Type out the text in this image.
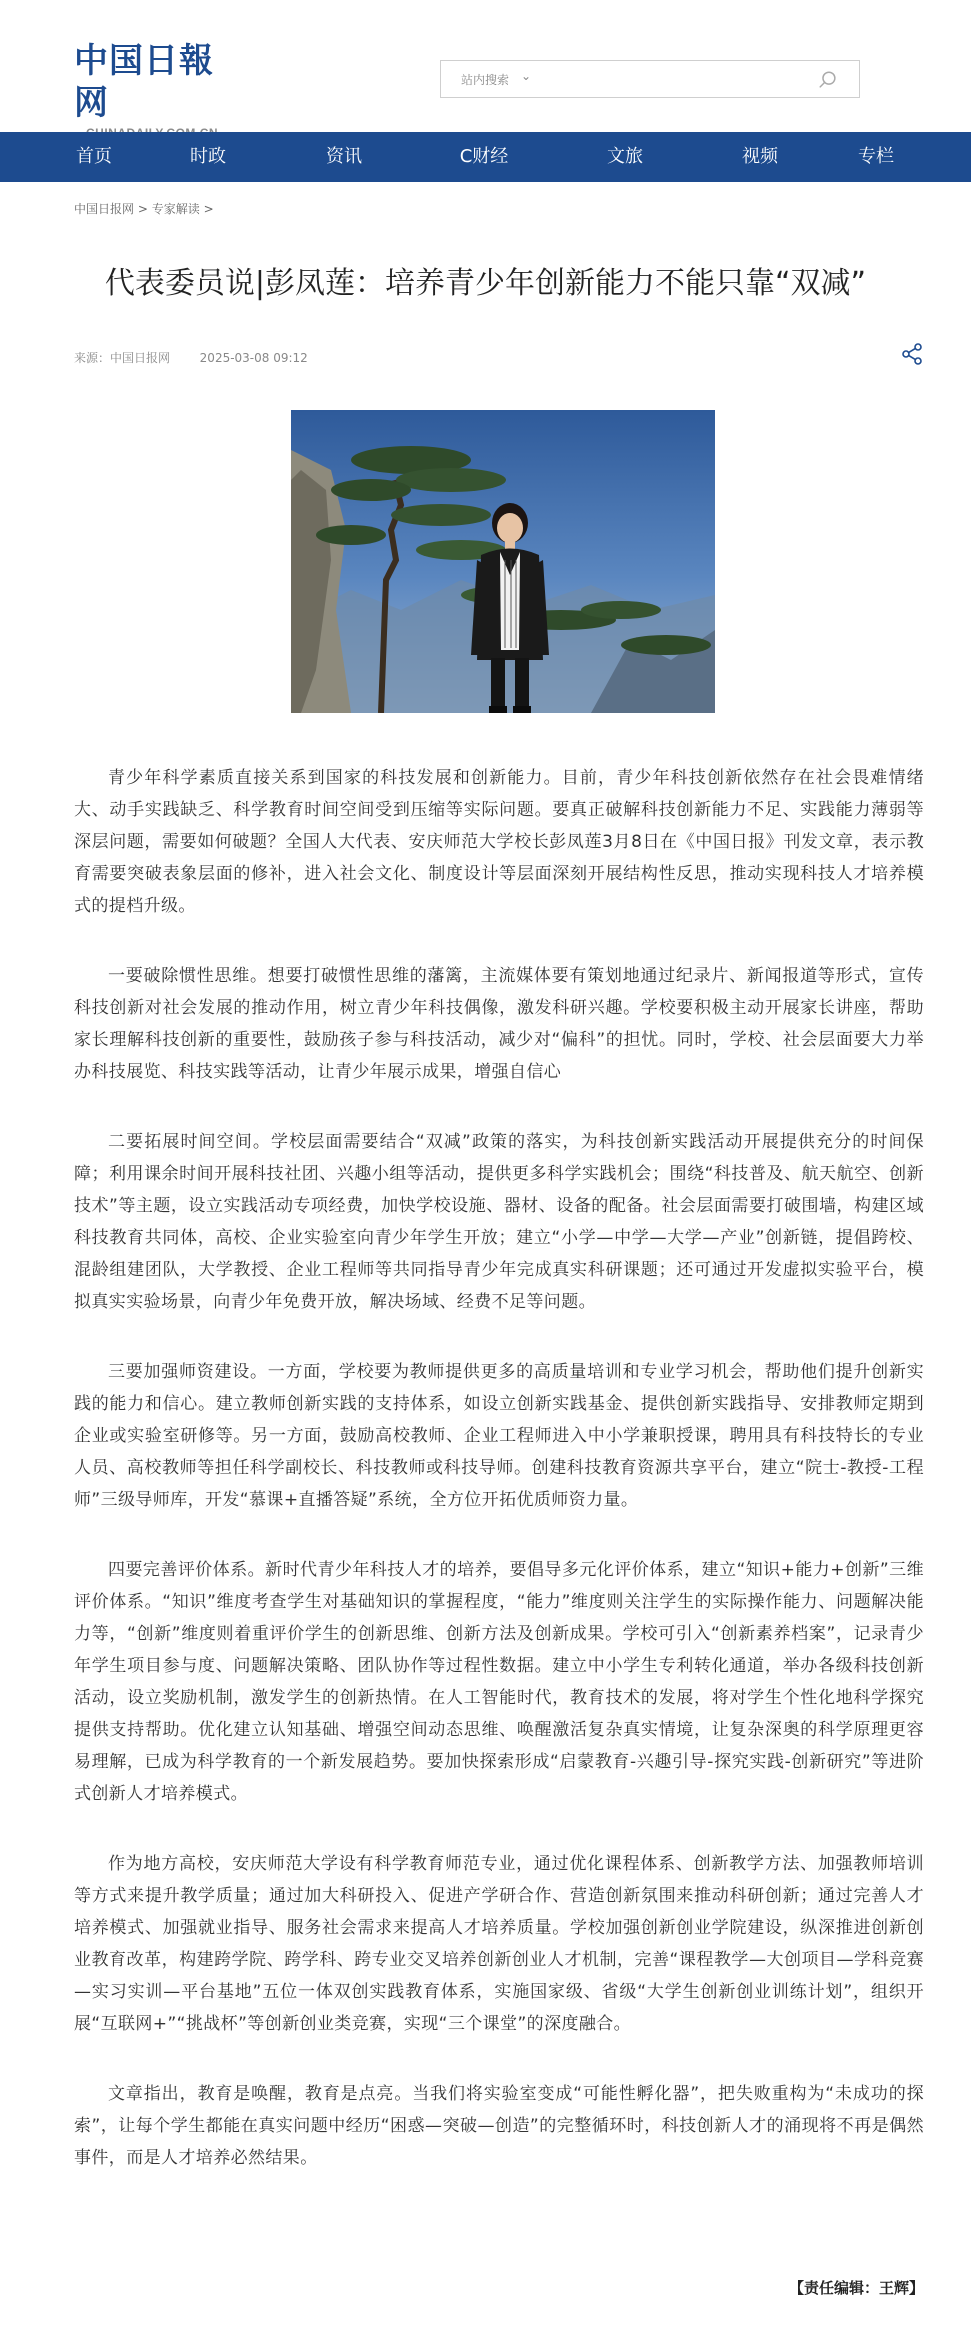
中国日報网
站内搜索 ⌄
首页	时政	资讯	C财经	文旅	视频	专栏
中国日报网 > 专家解读 >
代表委员说|彭凤莲：培养青少年创新能力不能只靠“双减”
来源：中国日报网 2025-03-08 09:12

青少年科学素质直接关系到国家的科技发展和创新能力。目前，青少年科技创新依然存在社会畏难情绪大、动手实践缺乏、科学教育时间空间受到压缩等实际问题。要真正破解科技创新能力不足、实践能力薄弱等深层问题，需要如何破题？全国人大代表、安庆师范大学校长彭凤莲3月8日在《中国日报》刊发文章，表示教育需要突破表象层面的修补，进入社会文化、制度设计等层面深刻开展结构性反思，推动实现科技人才培养模式的提档升级。

一要破除惯性思维。想要打破惯性思维的藩篱，主流媒体要有策划地通过纪录片、新闻报道等形式，宣传科技创新对社会发展的推动作用，树立青少年科技偶像，激发科研兴趣。学校要积极主动开展家长讲座，帮助家长理解科技创新的重要性，鼓励孩子参与科技活动，减少对“偏科”的担忧。同时，学校、社会层面要大力举办科技展览、科技实践等活动，让青少年展示成果，增强自信心

二要拓展时间空间。学校层面需要结合“双减”政策的落实，为科技创新实践活动开展提供充分的时间保障；利用课余时间开展科技社团、兴趣小组等活动，提供更多科学实践机会；围绕“科技普及、航天航空、创新技术”等主题，设立实践活动专项经费，加快学校设施、器材、设备的配备。社会层面需要打破围墙，构建区域科技教育共同体，高校、企业实验室向青少年学生开放；建立“小学—中学—大学—产业”创新链，提倡跨校、混龄组建团队，大学教授、企业工程师等共同指导青少年完成真实科研课题；还可通过开发虚拟实验平台，模拟真实实验场景，向青少年免费开放，解决场域、经费不足等问题。

三要加强师资建设。一方面，学校要为教师提供更多的高质量培训和专业学习机会，帮助他们提升创新实践的能力和信心。建立教师创新实践的支持体系，如设立创新实践基金、提供创新实践指导、安排教师定期到企业或实验室研修等。另一方面，鼓励高校教师、企业工程师进入中小学兼职授课，聘用具有科技特长的专业人员、高校教师等担任科学副校长、科技教师或科技导师。创建科技教育资源共享平台，建立“院士-教授-工程师”三级导师库，开发“慕课+直播答疑”系统，全方位开拓优质师资力量。

四要完善评价体系。新时代青少年科技人才的培养，要倡导多元化评价体系，建立“知识+能力+创新”三维评价体系。“知识”维度考查学生对基础知识的掌握程度，“能力”维度则关注学生的实际操作能力、问题解决能力等，“创新”维度则着重评价学生的创新思维、创新方法及创新成果。学校可引入“创新素养档案”，记录青少年学生项目参与度、问题解决策略、团队协作等过程性数据。建立中小学生专利转化通道，举办各级科技创新活动，设立奖励机制，激发学生的创新热情。在人工智能时代，教育技术的发展，将对学生个性化地科学探究提供支持帮助。优化建立认知基础、增强空间动态思维、唤醒激活复杂真实情境，让复杂深奥的科学原理更容易理解，已成为科学教育的一个新发展趋势。要加快探索形成“启蒙教育-兴趣引导-探究实践-创新研究”等进阶式创新人才培养模式。

作为地方高校，安庆师范大学设有科学教育师范专业，通过优化课程体系、创新教学方法、加强教师培训等方式来提升教学质量；通过加大科研投入、促进产学研合作、营造创新氛围来推动科研创新；通过完善人才培养模式、加强就业指导、服务社会需求来提高人才培养质量。学校加强创新创业学院建设，纵深推进创新创业教育改革，构建跨学院、跨学科、跨专业交叉培养创新创业人才机制，完善“课程教学—大创项目—学科竞赛—实习实训—平台基地”五位一体双创实践教育体系，实施国家级、省级“大学生创新创业训练计划”，组织开展“互联网+”“挑战杯”等创新创业类竞赛，实现“三个课堂”的深度融合。

文章指出，教育是唤醒，教育是点亮。当我们将实验室变成“可能性孵化器”，把失败重构为“未成功的探索”，让每个学生都能在真实问题中经历“困惑—突破—创造”的完整循环时，科技创新人才的涌现将不再是偶然事件，而是人才培养必然结果。

【责任编辑：王辉】
